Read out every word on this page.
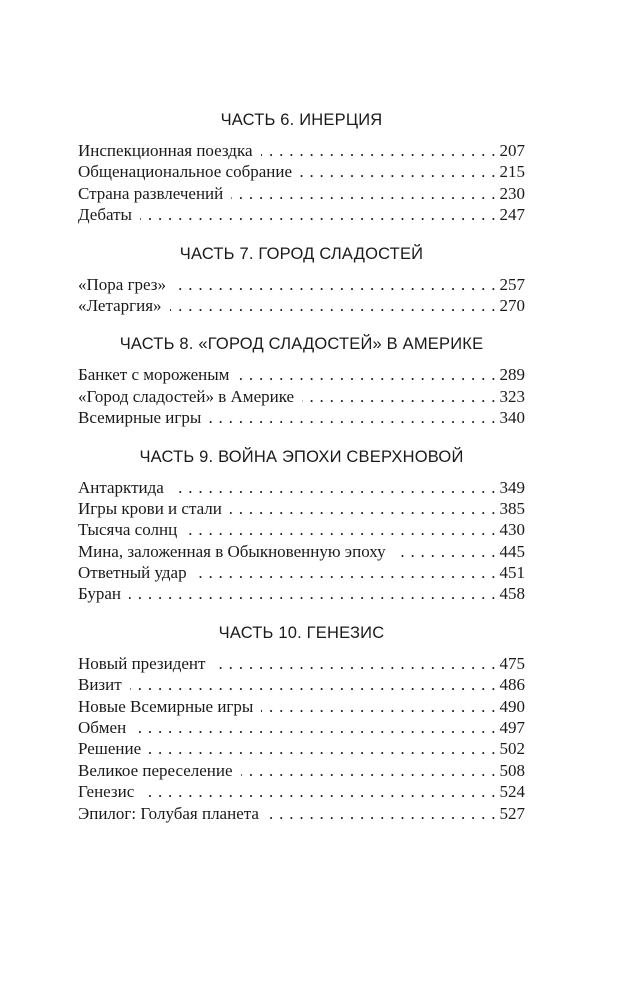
ЧАСТЬ 6. ИНЕРЦИЯ
Инспекционная поездка . . .	207
Общенациональное собрание . . .	215
Страна развлечений . . .	230
Дебаты . . .	247
ЧАСТЬ 7. ГОРОД СЛАДОСТЕЙ
«Пора грез» . . .	257
«Летаргия» . . .	270
ЧАСТЬ 8. «ГОРОД СЛАДОСТЕЙ» В АМЕРИКЕ
Банкет с мороженым . . .	289
«Город сладостей» в Америке . . .	323
Всемирные игры . . .	340
ЧАСТЬ 9. ВОЙНА ЭПОХИ СВЕРХНОВОЙ
Антарктида . . .	349
Игры крови и стали . . .	385
Тысяча солнц . . .	430
Мина, заложенная в Обыкновенную эпоху . . .	445
Ответный удар . . .	451
Буран . . .	458
ЧАСТЬ 10. ГЕНЕЗИС
Новый президент . . .	475
Визит . . .	486
Новые Всемирные игры . . .	490
Обмен . . .	497
Решение . . .	502
Великое переселение . . .	508
Генезис . . .	524
Эпилог: Голубая планета . . .	527
